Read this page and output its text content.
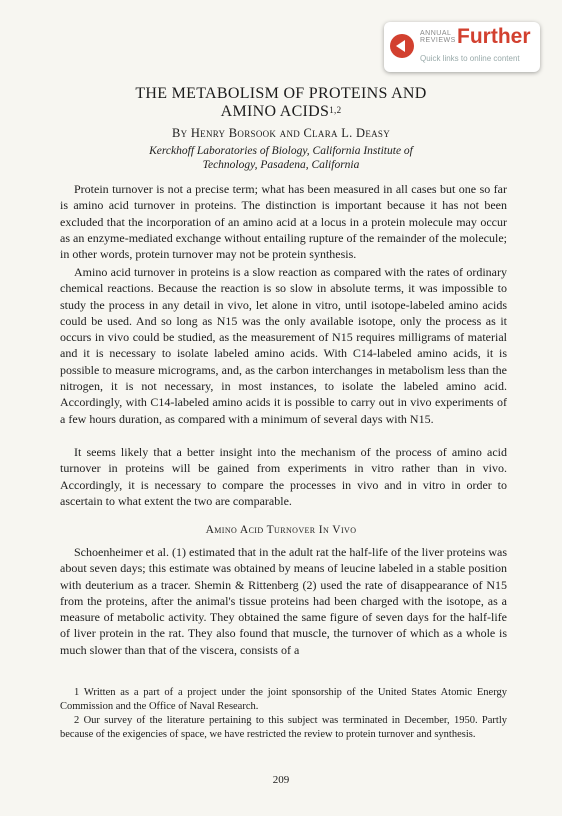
ANNUAL
REVIEWS Further
Quick links to online content
THE METABOLISM OF PROTEINS AND
AMINO ACIDS$^{1,2}$
By Henry Borsook and Clara L. Deasy
Kerckhoff Laboratories of Biology, California Institute of
Technology, Pasadena, California
Protein turnover is not a precise term; what has been measured in all cases but one so far is amino acid turnover in proteins. The distinction is important because it has not been excluded that the incorporation of an amino acid at a locus in a protein molecule may occur as an enzyme-mediated exchange without entailing rupture of the remainder of the molecule; in other words, protein turnover may not be protein synthesis.
Amino acid turnover in proteins is a slow reaction as compared with the rates of ordinary chemical reactions. Because the reaction is so slow in absolute terms, it was impossible to study the process in any detail in vivo, let alone in vitro, until isotope-labeled amino acids could be used. And so long as N15 was the only available isotope, only the process as it occurs in vivo could be studied, as the measurement of N15 requires milligrams of material and it is necessary to isolate labeled amino acids. With C14-labeled amino acids, it is possible to measure micrograms, and, as the carbon interchanges in metabolism less than the nitrogen, it is not necessary, in most instances, to isolate the labeled amino acid. Accordingly, with C14-labeled amino acids it is possible to carry out in vivo experiments of a few hours duration, as compared with a minimum of several days with N15.
It seems likely that a better insight into the mechanism of the process of amino acid turnover in proteins will be gained from experiments in vitro rather than in vivo. Accordingly, it is necessary to compare the processes in vivo and in vitro in order to ascertain to what extent the two are comparable.
Amino Acid Turnover In Vivo
Schoenheimer et al. (1) estimated that in the adult rat the half-life of the liver proteins was about seven days; this estimate was obtained by means of leucine labeled in a stable position with deuterium as a tracer. Shemin & Rittenberg (2) used the rate of disappearance of N15 from the proteins, after the animal's tissue proteins had been charged with the isotope, as a measure of metabolic activity. They obtained the same figure of seven days for the half-life of liver protein in the rat. They also found that muscle, the turnover of which as a whole is much slower than that of the viscera, consists of a
1 Written as a part of a project under the joint sponsorship of the United States Atomic Energy Commission and the Office of Naval Research.
2 Our survey of the literature pertaining to this subject was terminated in December, 1950. Partly because of the exigencies of space, we have restricted the review to protein turnover and synthesis.
209
